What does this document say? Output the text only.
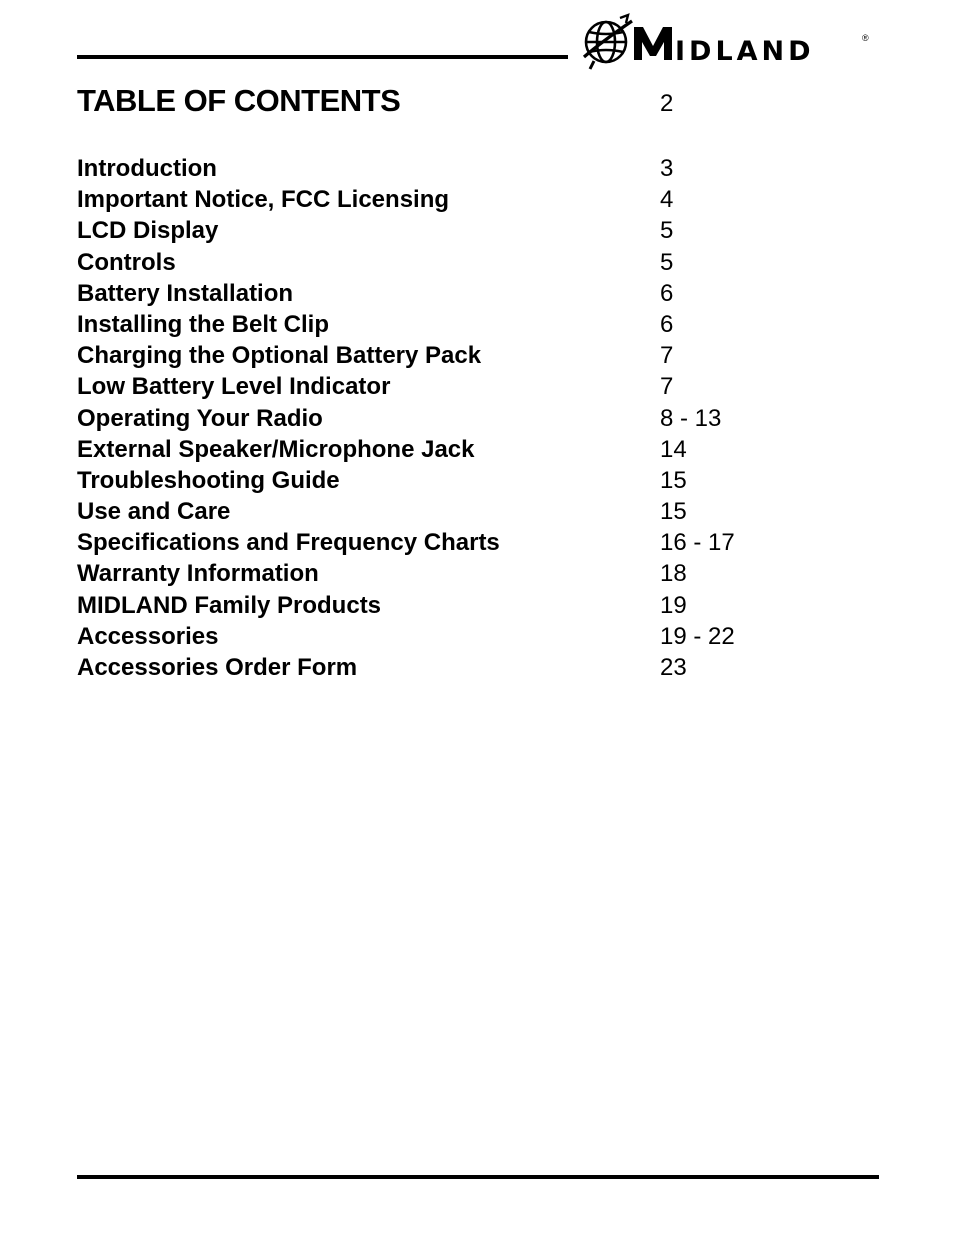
IDLAND	®
TABLE OF CONTENTS	2
Introduction	3
Important Notice, FCC Licensing	4
LCD Display	5
Controls	5
Battery Installation	6
Installing the Belt Clip	6
Charging the Optional Battery Pack	7
Low Battery Level Indicator	7
Operating Your Radio	8 - 13
External Speaker/Microphone Jack	14
Troubleshooting Guide	15
Use and Care	15
Specifications and Frequency Charts	16 - 17
Warranty Information	18
MIDLAND Family Products	19
Accessories	19 - 22
Accessories Order Form	23
